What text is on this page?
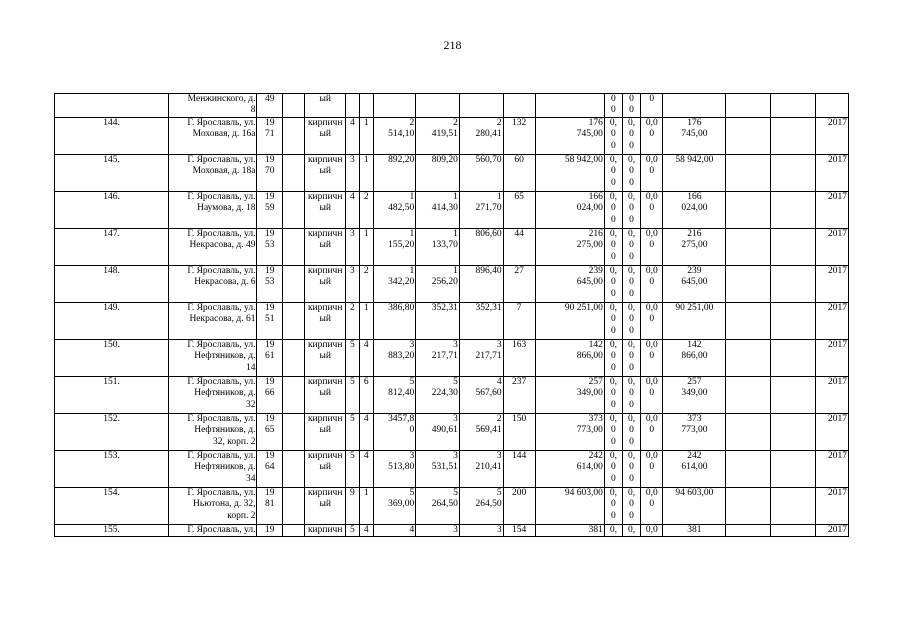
218

	Менжинского, д.
8	49		ый								0
0	0
0	0				

144.	Г. Ярославль, ул.
Моховая, д. 16а	19
71		кирпичн
ый	4	1	2
514,10	2
419,51	2
280,41	132	176
745,00	0,
0
0	0,
0
0	0,0
0	176
745,00			2017
145.	Г. Ярославль, ул.
Моховая, д. 18а	19
70		кирпичн
ый	3	1	892,20	809,20	560,70	60	58 942,00	0,
0
0	0,
0
0	0,0
0	58 942,00			2017
146.	Г. Ярославль, ул.
Наумова, д. 18	19
59		кирпичн
ый	4	2	1
482,50	1
414,30	1
271,70	65	166
024,00	0,
0
0	0,
0
0	0,0
0	166
024,00			2017
147.	Г. Ярославль, ул.
Некрасова, д. 49	19
53		кирпичн
ый	3	1	1
155,20	1
133,70	806,60	44	216
275,00	0,
0
0	0,
0
0	0,0
0	216
275,00			2017
148.	Г. Ярославль, ул.
Некрасова, д. 6	19
53		кирпичн
ый	3	2	1
342,20	1
256,20	896,40	27	239
645,00	0,
0
0	0,
0
0	0,0
0	239
645,00			2017
149.	Г. Ярославль, ул.
Некрасова, д. 61	19
51		кирпичн
ый	2	1	386,80	352,31	352,31	7	90 251,00	0,
0
0	0,
0
0	0,0
0	90 251,00			2017
150.	Г. Ярославль, ул.
Нефтяников, д.
14	19
61		кирпичн
ый	5	4	3
883,20	3
217,71	3
217,71	163	142
866,00	0,
0
0	0,
0
0	0,0
0	142
866,00			2017
151.	Г. Ярославль, ул.
Нефтяников, д.
32	19
66		кирпичн
ый	5	6	5
812,40	5
224,30	4
567,60	237	257
349,00	0,
0
0	0,
0
0	0,0
0	257
349,00			2017
152.	Г. Ярославль, ул.
Нефтяников, д.
32, корп. 2	19
65		кирпичн
ый	5	4	3457,8
0	3
490,61	2
569,41	150	373
773,00	0,
0
0	0,
0
0	0,0
0	373
773,00			2017
153.	Г. Ярославль, ул.
Нефтяников, д.
34	19
64		кирпичн
ый	5	4	3
513,80	3
531,51	3
210,41	144	242
614,00	0,
0
0	0,
0
0	0,0
0	242
614,00			2017
154.	Г. Ярославль, ул.
Ньютона, д. 32,
корп. 2	19
81		кирпичн
ый	9	1	5
369,00	5
264,50	5
264,50	200	94 603,00	0,
0
0	0,
0
0	0,0
0	94 603,00			2017
155.	Г. Ярославль, ул.	19		кирпичн	5	4	4	3	3	154	381	0,	0,	0,0	381			2017
